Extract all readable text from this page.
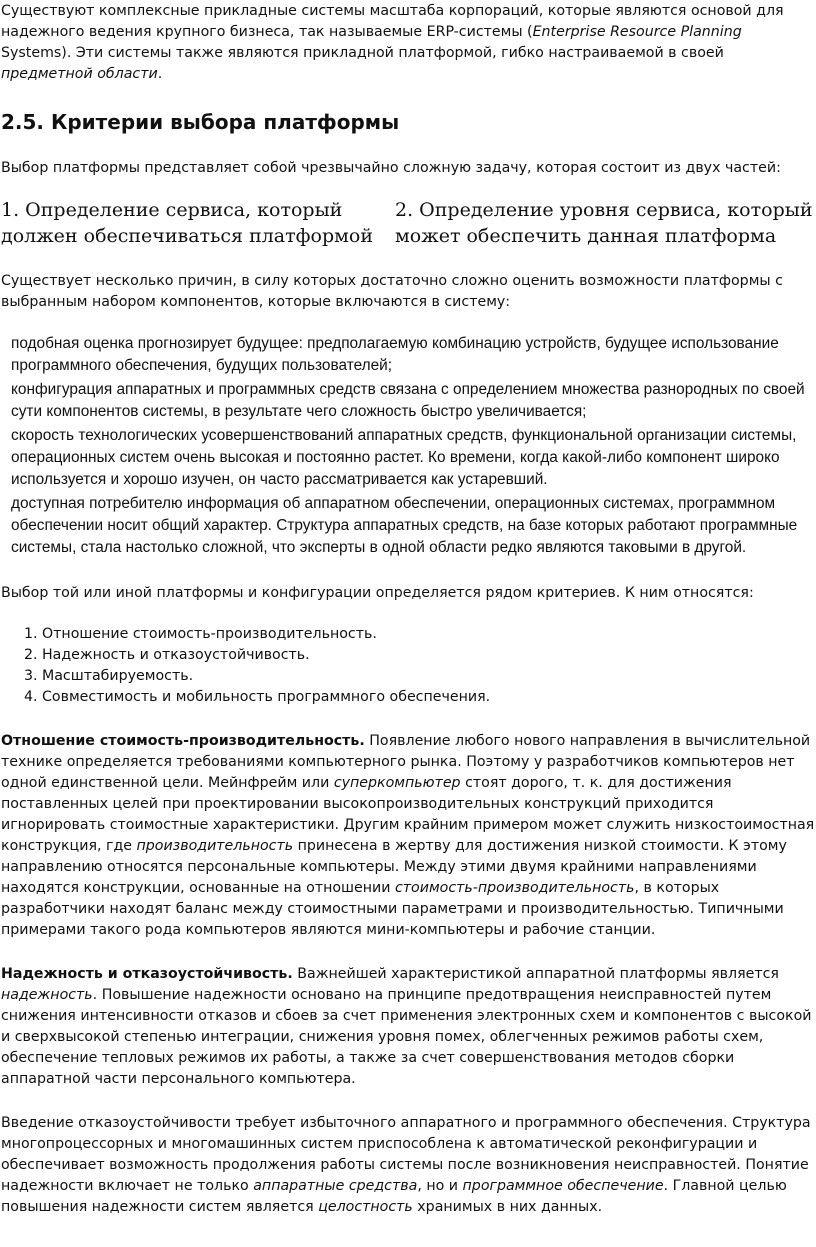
Существуют комплексные прикладные системы масштаба корпораций, которые являются основой для надежного ведения крупного бизнеса, так называемые ERP-системы (Enterprise Resource Planning Systems). Эти системы также являются прикладной платформой, гибко настраиваемой в своей предметной области.

2.5. Критерии выбора платформы

Выбор платформы представляет собой чрезвычайно сложную задачу, которая состоит из двух частей:

1. Определение сервиса, который должен обеспечиваться платформой
2. Определение уровня сервиса, который может обеспечить данная платформа

Существует несколько причин, в силу которых достаточно сложно оценить возможности платформы с выбранным набором компонентов, которые включаются в систему:

подобная оценка прогнозирует будущее: предполагаемую комбинацию устройств, будущее использование программного обеспечения, будущих пользователей;
конфигурация аппаратных и программных средств связана с определением множества разнородных по своей сути компонентов системы, в результате чего сложность быстро увеличивается;
скорость технологических усовершенствований аппаратных средств, функциональной организации системы, операционных систем очень высокая и постоянно растет. Ко времени, когда какой-либо компонент широко используется и хорошо изучен, он часто рассматривается как устаревший.
доступная потребителю информация об аппаратном обеспечении, операционных системах, программном обеспечении носит общий характер. Структура аппаратных средств, на базе которых работают программные системы, стала настолько сложной, что эксперты в одной области редко являются таковыми в другой.

Выбор той или иной платформы и конфигурации определяется рядом критериев. К ним относятся:

1. Отношение стоимость-производительность.
2. Надежность и отказоустойчивость.
3. Масштабируемость.
4. Совместимость и мобильность программного обеспечения.

Отношение стоимость-производительность. Появление любого нового направления в вычислительной технике определяется требованиями компьютерного рынка. Поэтому у разработчиков компьютеров нет одной единственной цели. Мейнфрейм или суперкомпьютер стоят дорого, т. к. для достижения поставленных целей при проектировании высокопроизводительных конструкций приходится игнорировать стоимостные характеристики. Другим крайним примером может служить низкостоимостная конструкция, где производительность принесена в жертву для достижения низкой стоимости. К этому направлению относятся персональные компьютеры. Между этими двумя крайними направлениями находятся конструкции, основанные на отношении стоимость-производительность, в которых разработчики находят баланс между стоимостными параметрами и производительностью. Типичными примерами такого рода компьютеров являются мини-компьютеры и рабочие станции.

Надежность и отказоустойчивость. Важнейшей характеристикой аппаратной платформы является надежность. Повышение надежности основано на принципе предотвращения неисправностей путем снижения интенсивности отказов и сбоев за счет применения электронных схем и компонентов с высокой и сверхвысокой степенью интеграции, снижения уровня помех, облегченных режимов работы схем, обеспечение тепловых режимов их работы, а также за счет совершенствования методов сборки аппаратной части персонального компьютера.

Введение отказоустойчивости требует избыточного аппаратного и программного обеспечения. Структура многопроцессорных и многомашинных систем приспособлена к автоматической реконфигурации и обеспечивает возможность продолжения работы системы после возникновения неисправностей. Понятие надежности включает не только аппаратные средства, но и программное обеспечение. Главной целью повышения надежности систем является целостность хранимых в них данных.
